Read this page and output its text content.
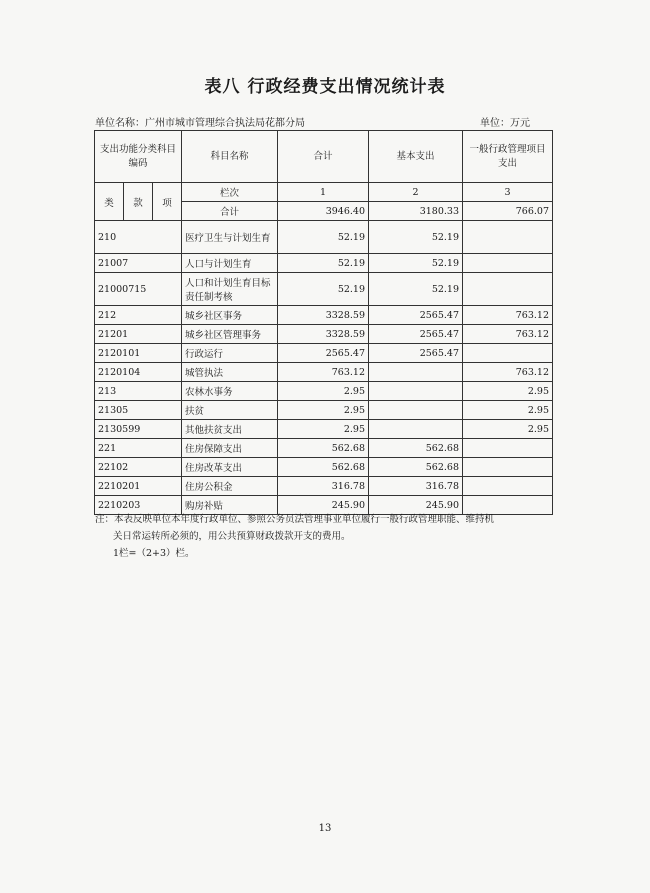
表八 行政经费支出情况统计表
单位名称：广州市城市管理综合执法局花都分局	单位：万元
支出功能分类科目编码			科目名称	合计	基本支出	一般行政管理项目支出

类	款	项	栏次	1	2	3
			合计	3946.40	3180.33	766.07
210			医疗卫生与计划生育	52.19	52.19	
21007			人口与计划生育	52.19	52.19	
21000715			人口和计划生育目标责任制考核	52.19	52.19	
212			城乡社区事务	3328.59	2565.47	763.12
21201			城乡社区管理事务	3328.59	2565.47	763.12
2120101			行政运行	2565.47	2565.47	
2120104			城管执法	763.12		763.12
213			农林水事务	2.95		2.95
21305			扶贫	2.95		2.95
2130599			其他扶贫支出	2.95		2.95
221			住房保障支出	562.68	562.68	
22102			住房改革支出	562.68	562.68	
2210201			住房公积金	316.78	316.78	
2210203			购房补贴	245.90	245.90	
注：本表反映单位本年度行政单位、参照公务员法管理事业单位履行一般行政管理职能、维持机
关日常运转所必须的，用公共预算财政拨款开支的费用。
1栏=（2+3）栏。
13
